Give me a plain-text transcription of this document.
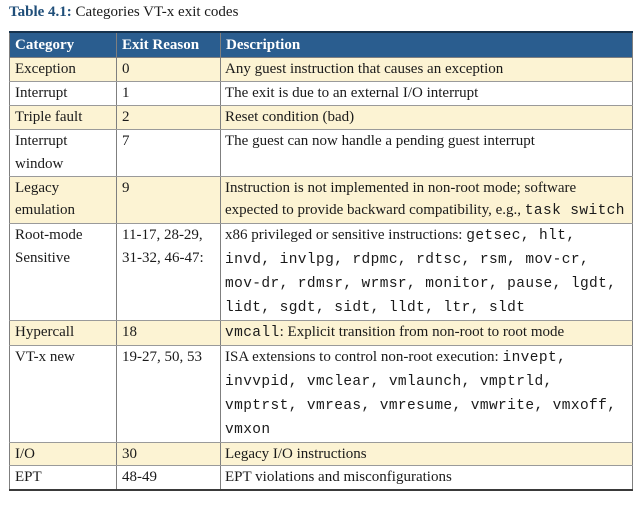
Table 4.1: Categories VT-x exit codes
Category	Exit Reason	Description
Exception	0	Any guest instruction that causes an exception
Interrupt	1	The exit is due to an external I/O interrupt
Triple fault	2	Reset condition (bad)
Interrupt window	7	The guest can now handle a pending guest interrupt
Legacy emulation	9	Instruction is not implemented in non-root mode; software expected to provide backward compatibility, e.g., task switch
Root-mode Sensitive	11-17, 28-29, 31-32, 46-47:	x86 privileged or sensitive instructions: getsec, hlt, invd, invlpg, rdpmc, rdtsc, rsm, mov-cr, mov-dr, rdmsr, wrmsr, monitor, pause, lgdt, lidt, sgdt, sidt, lldt, ltr, sldt
Hypercall	18	vmcall: Explicit transition from non-root to root mode
VT-x new	19-27, 50, 53	ISA extensions to control non-root execution: invept, invvpid, vmclear, vmlaunch, vmptrld, vmptrst, vmreas, vmresume, vmwrite, vmxoff, vmxon
I/O	30	Legacy I/O instructions
EPT	48-49	EPT violations and misconfigurations
